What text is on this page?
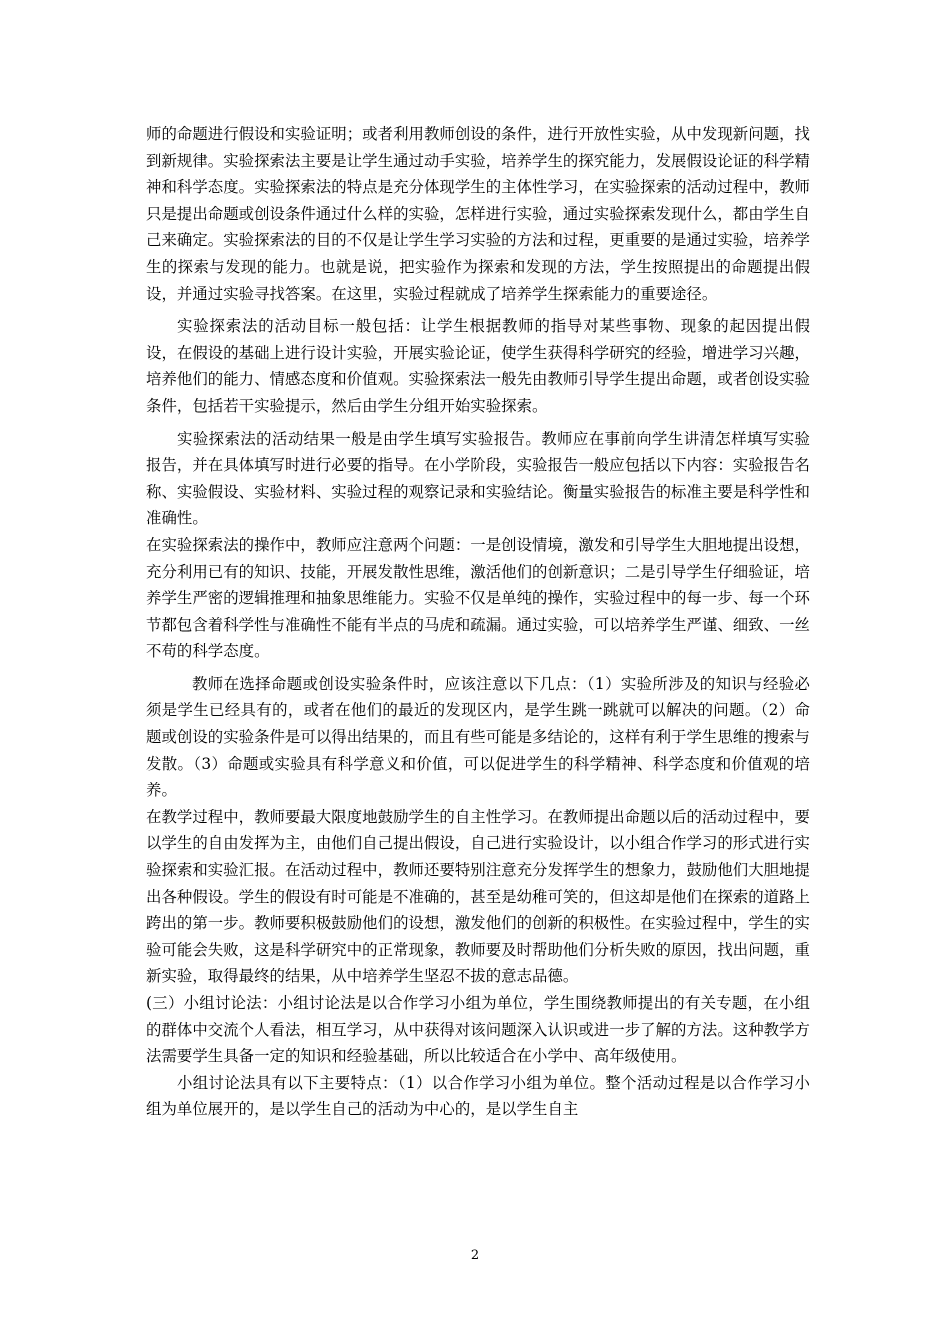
师的命题进行假设和实验证明；或者利用教师创设的条件，进行开放性实验，从中发现新问题，找到新规律。实验探索法主要是让学生通过动手实验，培养学生的探究能力，发展假设论证的科学精神和科学态度。实验探索法的特点是充分体现学生的主体性学习，在实验探索的活动过程中，教师只是提出命题或创设条件通过什么样的实验，怎样进行实验，通过实验探索发现什么，都由学生自己来确定。实验探索法的目的不仅是让学生学习实验的方法和过程，更重要的是通过实验，培养学生的探索与发现的能力。也就是说，把实验作为探索和发现的方法，学生按照提出的命题提出假设，并通过实验寻找答案。在这里，实验过程就成了培养学生探索能力的重要途径。

实验探索法的活动目标一般包括：让学生根据教师的指导对某些事物、现象的起因提出假设，在假设的基础上进行设计实验，开展实验论证，使学生获得科学研究的经验，增进学习兴趣，培养他们的能力、情感态度和价值观。实验探索法一般先由教师引导学生提出命题，或者创设实验条件，包括若干实验提示，然后由学生分组开始实验探索。

实验探索法的活动结果一般是由学生填写实验报告。教师应在事前向学生讲清怎样填写实验报告，并在具体填写时进行必要的指导。在小学阶段，实验报告一般应包括以下内容：实验报告名称、实验假设、实验材料、实验过程的观察记录和实验结论。衡量实验报告的标准主要是科学性和准确性。

在实验探索法的操作中，教师应注意两个问题：一是创设情境，激发和引导学生大胆地提出设想，充分利用已有的知识、技能，开展发散性思维，激活他们的创新意识；二是引导学生仔细验证，培养学生严密的逻辑推理和抽象思维能力。实验不仅是单纯的操作，实验过程中的每一步、每一个环节都包含着科学性与准确性不能有半点的马虎和疏漏。通过实验，可以培养学生严谨、细致、一丝不苟的科学态度。

教师在选择命题或创设实验条件时，应该注意以下几点：（1）实验所涉及的知识与经验必须是学生已经具有的，或者在他们的最近的发现区内，是学生跳一跳就可以解决的问题。（2）命题或创设的实验条件是可以得出结果的，而且有些可能是多结论的，这样有利于学生思维的搜索与发散。（3）命题或实验具有科学意义和价值，可以促进学生的科学精神、科学态度和价值观的培养。

在教学过程中，教师要最大限度地鼓励学生的自主性学习。在教师提出命题以后的活动过程中，要以学生的自由发挥为主，由他们自己提出假设，自己进行实验设计，以小组合作学习的形式进行实验探索和实验汇报。在活动过程中，教师还要特别注意充分发挥学生的想象力，鼓励他们大胆地提出各种假设。学生的假设有时可能是不准确的，甚至是幼稚可笑的，但这却是他们在探索的道路上跨出的第一步。教师要积极鼓励他们的设想，激发他们的创新的积极性。在实验过程中，学生的实验可能会失败，这是科学研究中的正常现象，教师要及时帮助他们分析失败的原因，找出问题，重新实验，取得最终的结果，从中培养学生坚忍不拔的意志品德。

(三）小组讨论法：小组讨论法是以合作学习小组为单位，学生围绕教师提出的有关专题，在小组的群体中交流个人看法，相互学习，从中获得对该问题深入认识或进一步了解的方法。这种教学方法需要学生具备一定的知识和经验基础，所以比较适合在小学中、高年级使用。

小组讨论法具有以下主要特点：（1）以合作学习小组为单位。整个活动过程是以合作学习小组为单位展开的，是以学生自己的活动为中心的，是以学生自主

2
